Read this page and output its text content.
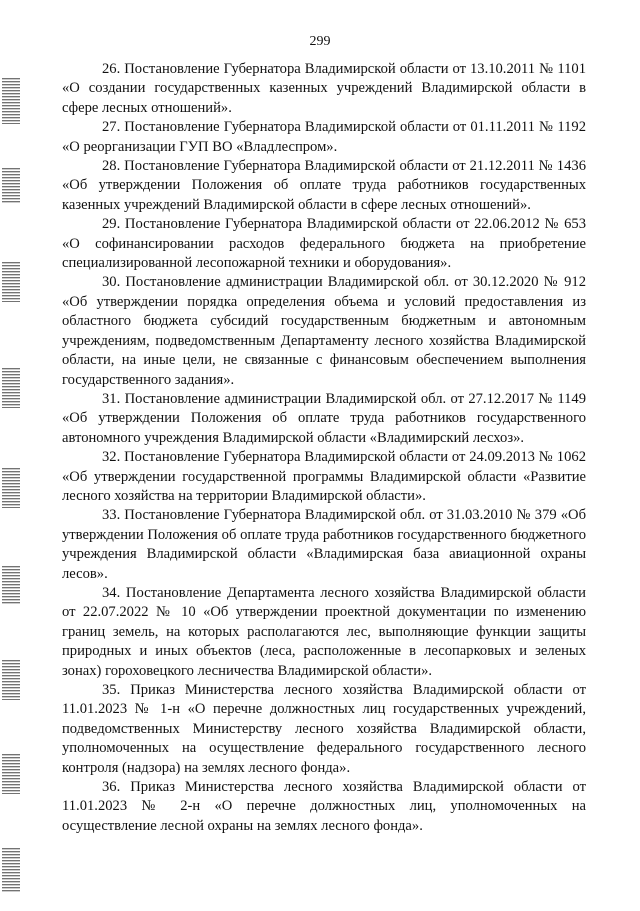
299

26. Постановление Губернатора Владимирской области от 13.10.2011 № 1101 «О создании государственных казенных учреждений Владимирской области в сфере лесных отношений».

27. Постановление Губернатора Владимирской области от 01.11.2011 № 1192 «О реорганизации ГУП ВО «Владлеспром».

28. Постановление Губернатора Владимирской области от 21.12.2011 № 1436 «Об утверждении Положения об оплате труда работников государственных казенных учреждений Владимирской области в сфере лесных отношений».

29. Постановление Губернатора Владимирской области от 22.06.2012 № 653 «О софинансировании расходов федерального бюджета на приобретение специализированной лесопожарной техники и оборудования».

30. Постановление администрации Владимирской обл. от 30.12.2020 № 912 «Об утверждении порядка определения объема и условий предоставления из областного бюджета субсидий государственным бюджетным и автономным учреждениям, подведомственным Департаменту лесного хозяйства Владимирской области, на иные цели, не связанные с финансовым обеспечением выполнения государственного задания».

31. Постановление администрации Владимирской обл. от 27.12.2017 № 1149 «Об утверждении Положения об оплате труда работников государственного автономного учреждения Владимирской области «Владимирский лесхоз».

32. Постановление Губернатора Владимирской области от 24.09.2013 № 1062 «Об утверждении государственной программы Владимирской области «Развитие лесного хозяйства на территории Владимирской области».

33. Постановление Губернатора Владимирской обл. от 31.03.2010 № 379 «Об утверждении Положения об оплате труда работников государственного бюджетного учреждения Владимирской области «Владимирская база авиационной охраны лесов».

34. Постановление Департамента лесного хозяйства Владимирской области от 22.07.2022 № 10 «Об утверждении проектной документации по изменению границ земель, на которых располагаются лес, выполняющие функции защиты природных и иных объектов (леса, расположенные в лесопарковых и зеленых зонах) гороховецкого лесничества Владимирской области».

35. Приказ Министерства лесного хозяйства Владимирской области от 11.01.2023 № 1-н «О перечне должностных лиц государственных учреждений, подведомственных Министерству лесного хозяйства Владимирской области, уполномоченных на осуществление федерального государственного лесного контроля (надзора) на землях лесного фонда».

36. Приказ Министерства лесного хозяйства Владимирской области от 11.01.2023 № 2-н «О перечне должностных лиц, уполномоченных на осуществление лесной охраны на землях лесного фонда».
